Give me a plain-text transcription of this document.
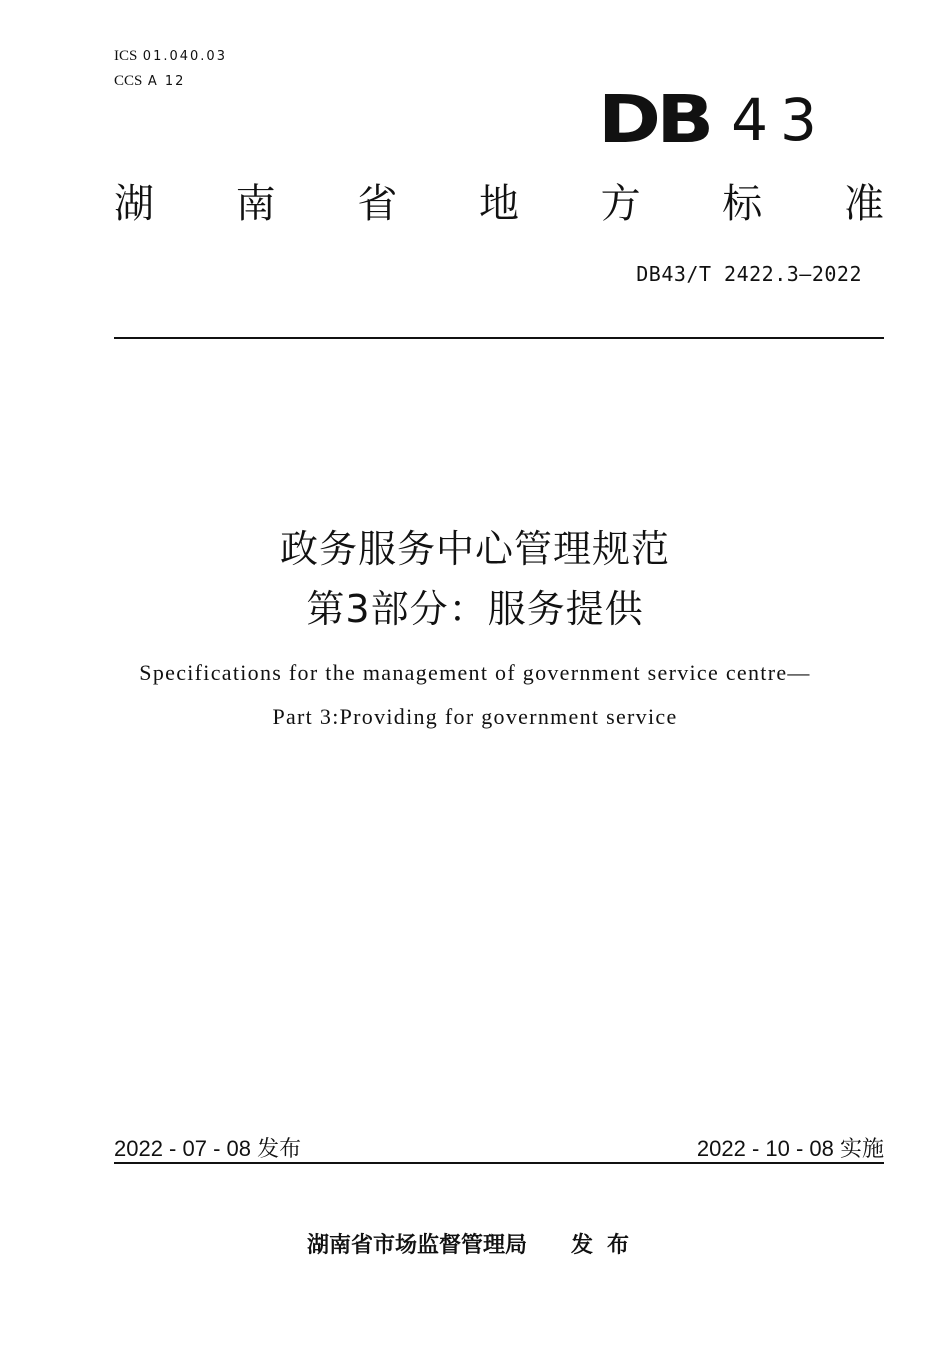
ICS 01.040.03
CCS A 12	DB 43
湖 南 省 地 方 标 准
DB43/T 2422.3—2022
政务服务中心管理规范
第3部分：服务提供
Specifications for the management of government service centre—
Part 3:Providing for government service
2022 - 07 - 08 发布	2022 - 10 - 08 实施
湖南省市场监督管理局 发布
